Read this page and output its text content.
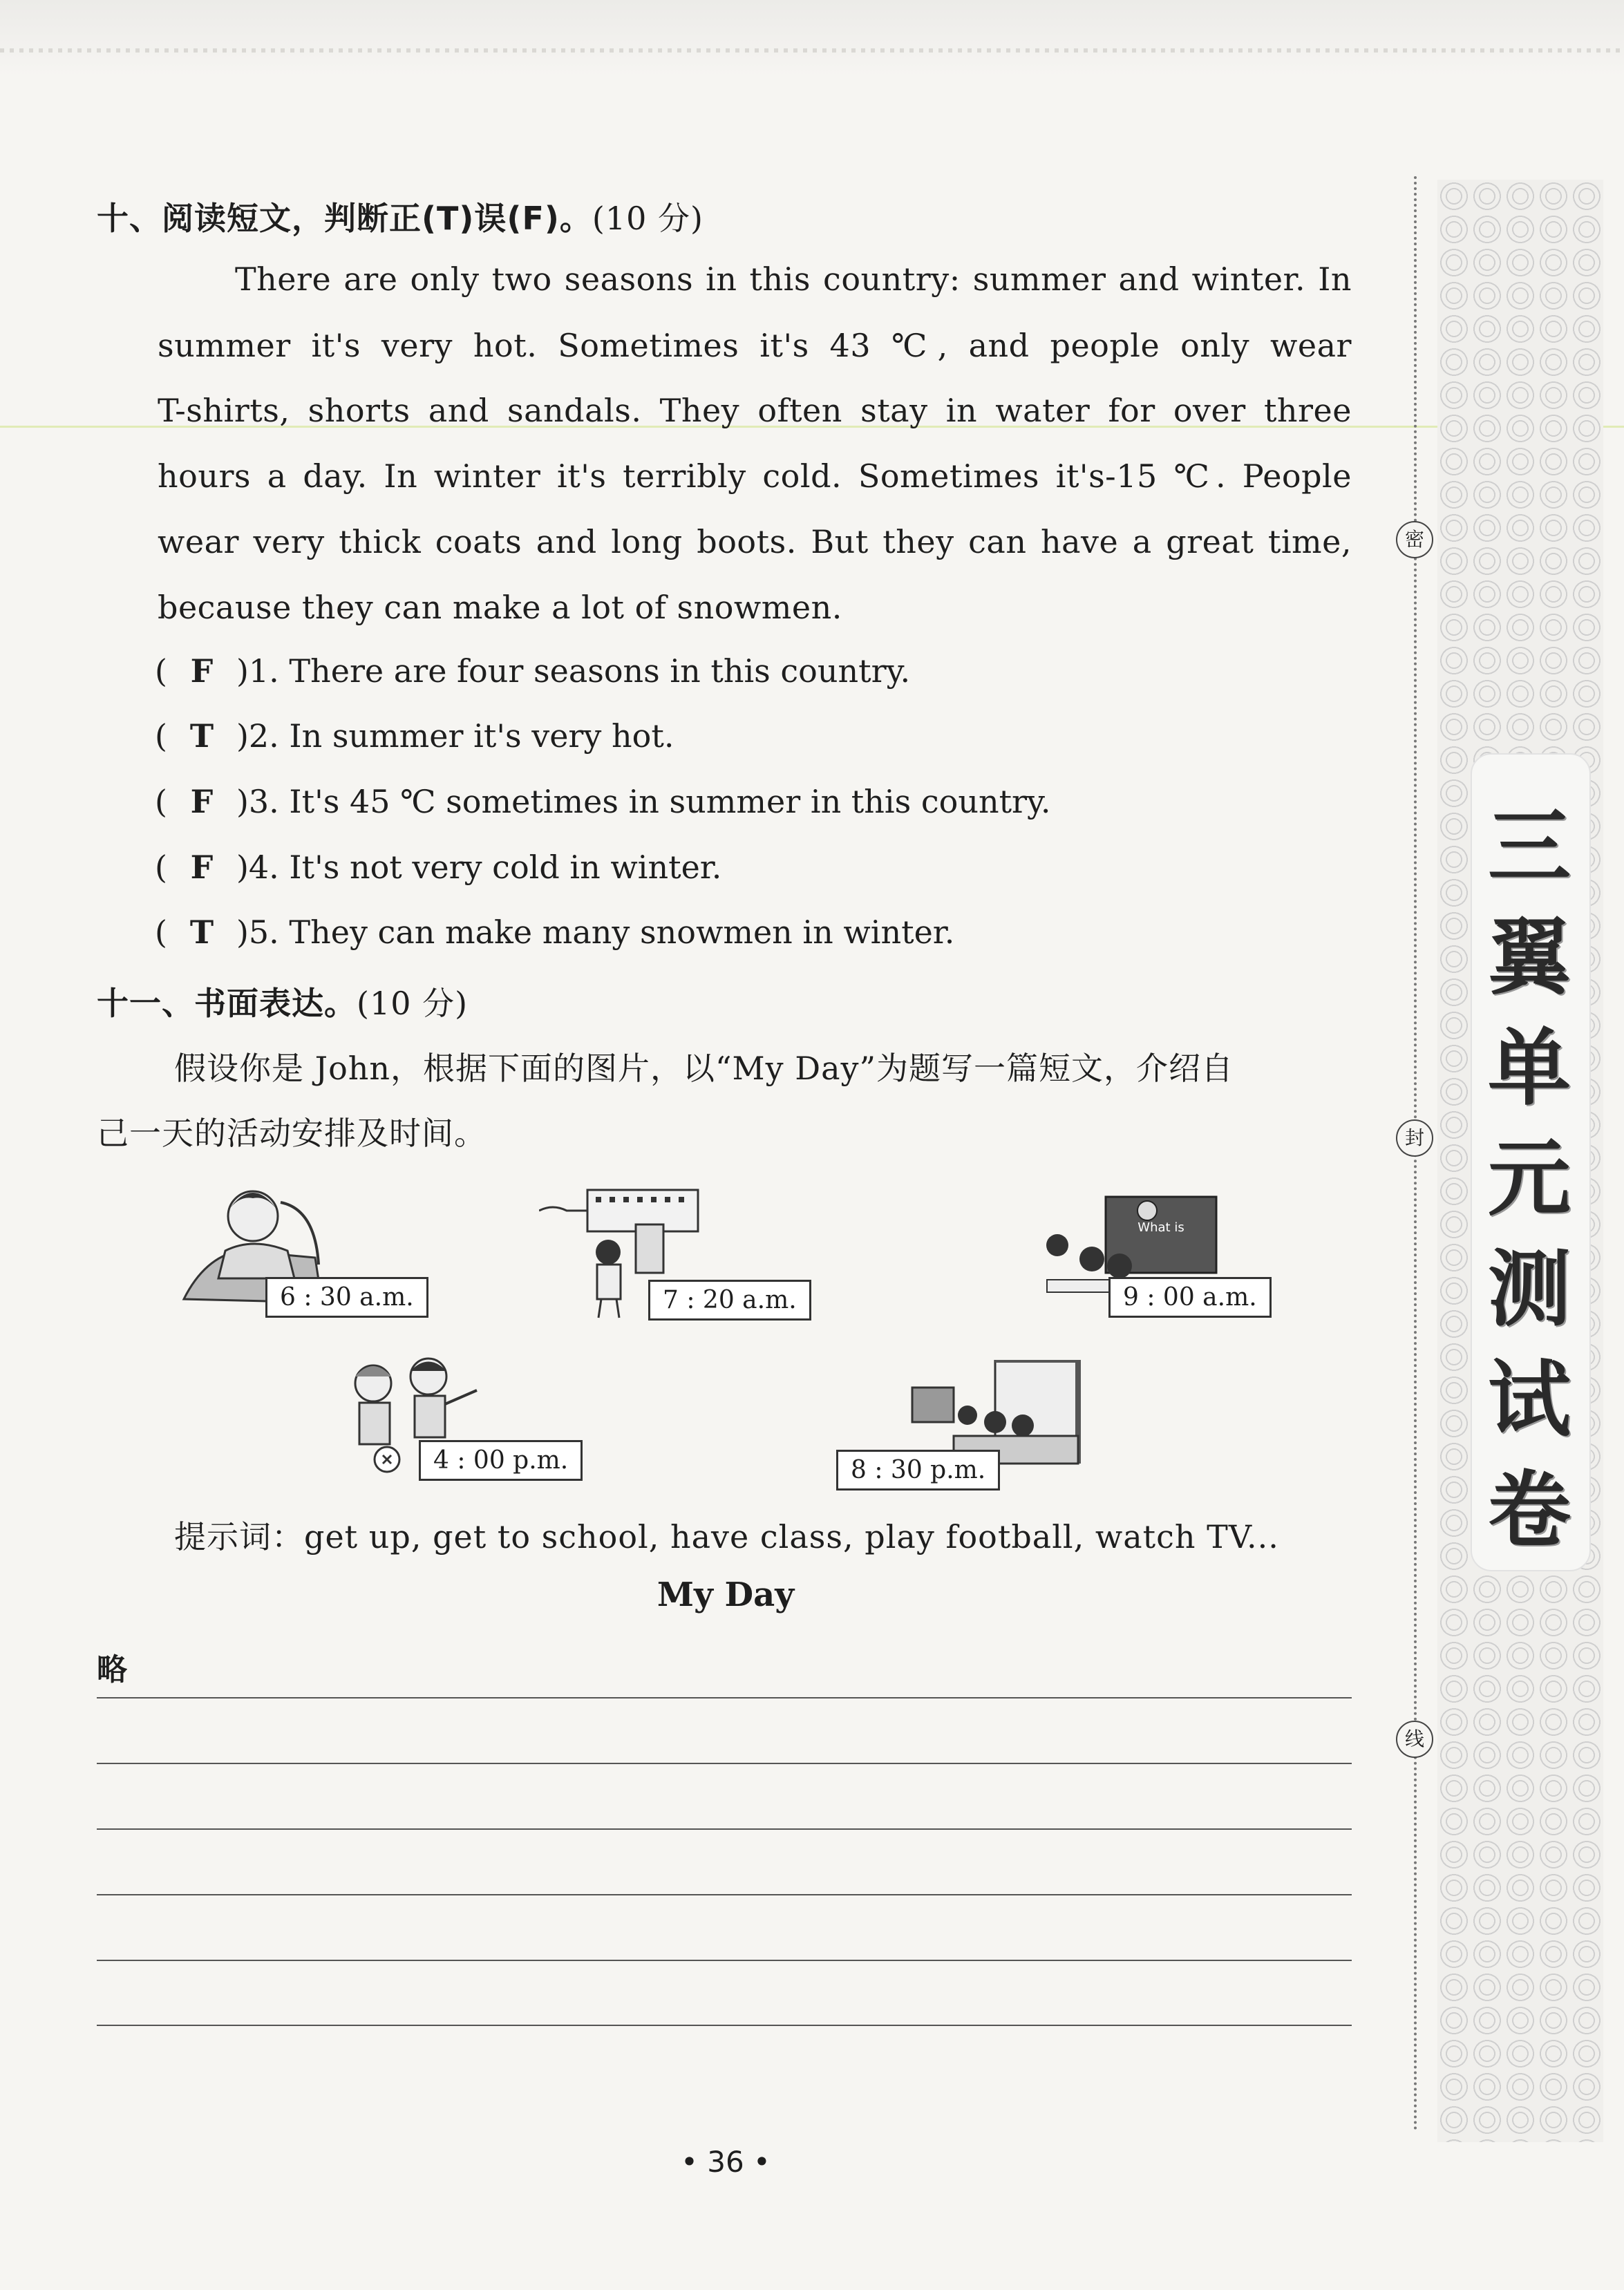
十、阅读短文，判断正(T)误(F)。(10 分)
There are only two seasons in this country: summer and winter. In
summer it's very hot. Sometimes it's 43 ℃, and people only wear
T-shirts, shorts and sandals. They often stay in water for over three
hours a day. In winter it's terribly cold. Sometimes it's-15 ℃. People
wear very thick coats and long boots. But they can have a great time,
because they can make a lot of snowmen.
( F )1. There are four seasons in this country.
( T )2. In summer it's very hot.
( F )3. It's 45 ℃ sometimes in summer in this country.
( F )4. It's not very cold in winter.
( T )5. They can make many snowmen in winter.
十一、书面表达。(10 分)
假设你是 John，根据下面的图片，以“My Day”为题写一篇短文，介绍自
己一天的活动安排及时间。
6 : 30 a.m.	7 : 20 a.m.
What is
9 : 00 a.m.
4 : 00 p.m.	8 : 30 p.m.
提示词：get up, get to school, have class, play football, watch TV...
My Day
略
• 36 •
三
翼
单
元
测
试
卷
密
封
线
